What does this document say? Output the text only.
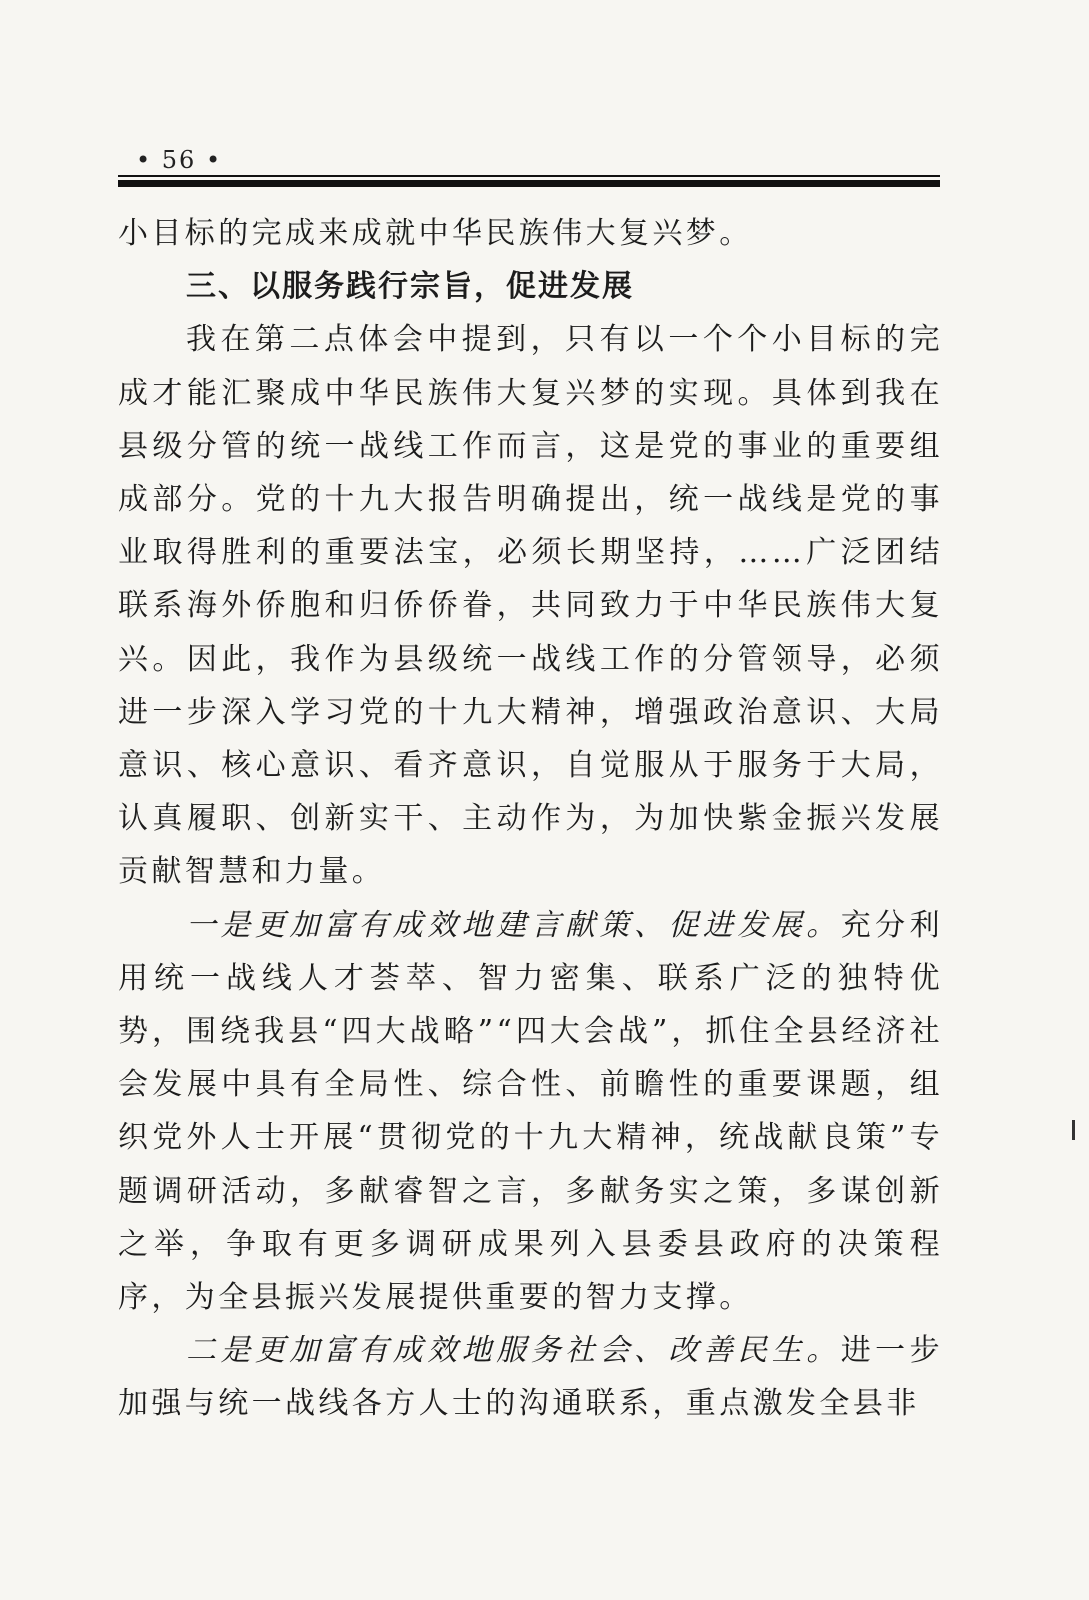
• 56 •

小目标的完成来成就中华民族伟大复兴梦。

三、以服务践行宗旨，促进发展

我在第二点体会中提到，只有以一个个小目标的完成才能汇聚成中华民族伟大复兴梦的实现。具体到我在县级分管的统一战线工作而言，这是党的事业的重要组成部分。党的十九大报告明确提出，统一战线是党的事业取得胜利的重要法宝，必须长期坚持，……广泛团结联系海外侨胞和归侨侨眷，共同致力于中华民族伟大复兴。因此，我作为县级统一战线工作的分管领导，必须进一步深入学习党的十九大精神，增强政治意识、大局意识、核心意识、看齐意识，自觉服从于服务于大局，认真履职、创新实干、主动作为，为加快紫金振兴发展贡献智慧和力量。

一是更加富有成效地建言献策、促进发展。充分利用统一战线人才荟萃、智力密集、联系广泛的独特优势，围绕我县“四大战略”“四大会战”，抓住全县经济社会发展中具有全局性、综合性、前瞻性的重要课题，组织党外人士开展“贯彻党的十九大精神，统战献良策”专题调研活动，多献睿智之言，多献务实之策，多谋创新之举，争取有更多调研成果列入县委县政府的决策程序，为全县振兴发展提供重要的智力支撑。

二是更加富有成效地服务社会、改善民生。进一步加强与统一战线各方人士的沟通联系，重点激发全县非
